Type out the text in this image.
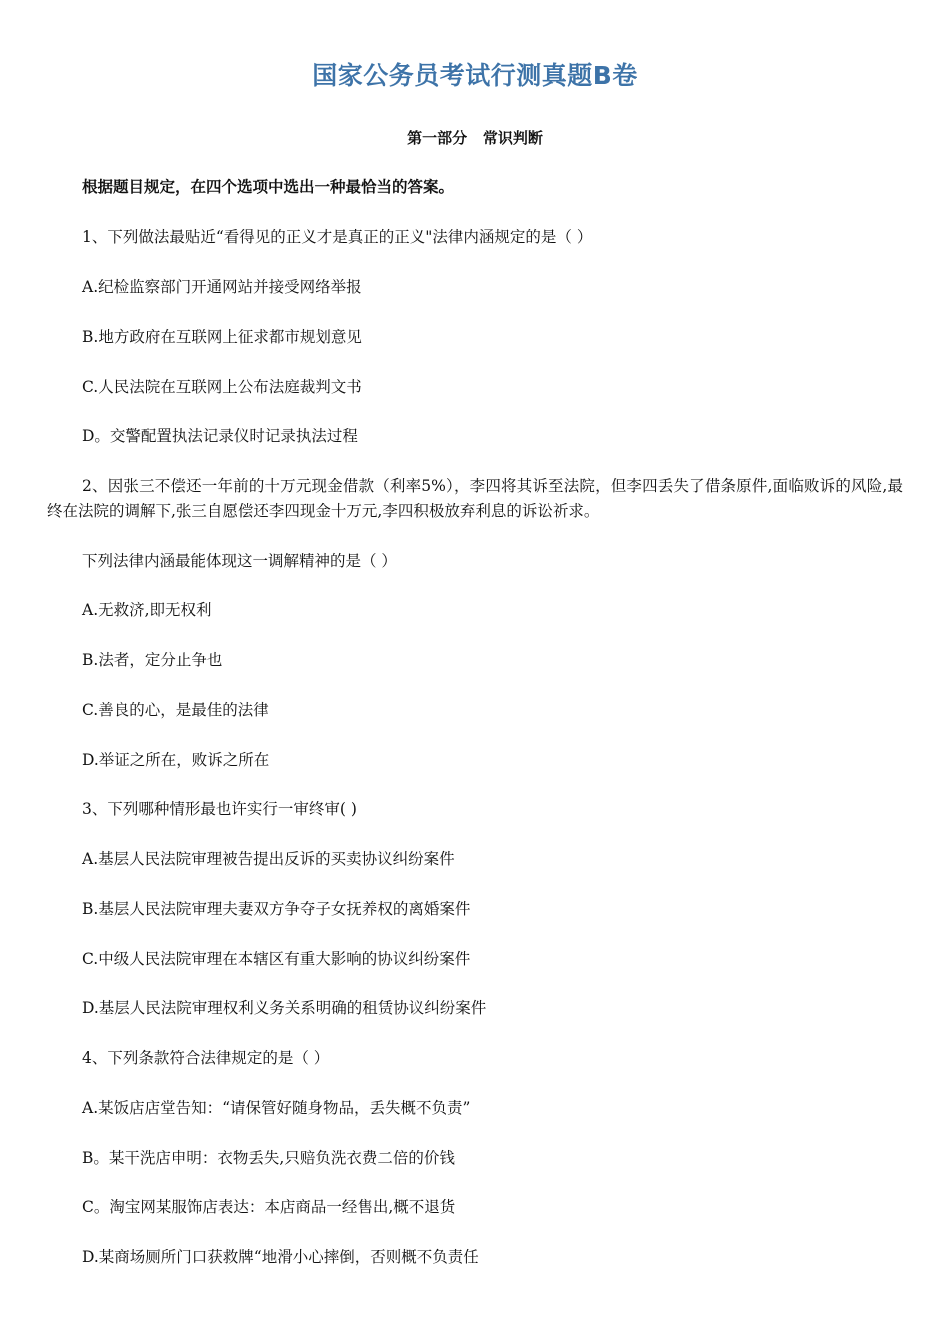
国家公务员考试行测真题B卷
第一部分   常识判断
根据题目规定，在四个选项中选出一种最恰当的答案。
1、下列做法最贴近“看得见的正义才是真正的正义"法律内涵规定的是（ ）
A.纪检监察部门开通网站并接受网络举报
B.地方政府在互联网上征求都市规划意见
C.人民法院在互联网上公布法庭裁判文书
D。交警配置执法记录仪时记录执法过程
2、因张三不偿还一年前的十万元现金借款（利率5%），李四将其诉至法院，但李四丢失了借条原件,面临败诉的风险,最终在法院的调解下,张三自愿偿还李四现金十万元,李四积极放弃利息的诉讼祈求。
下列法律内涵最能体现这一调解精神的是（ ）
A.无救济,即无权利
B.法者，定分止争也
C.善良的心，是最佳的法律
D.举证之所在，败诉之所在
3、下列哪种情形最也许实行一审终审( )
A.基层人民法院审理被告提出反诉的买卖协议纠纷案件
B.基层人民法院审理夫妻双方争夺子女抚养权的离婚案件
C.中级人民法院审理在本辖区有重大影响的协议纠纷案件
D.基层人民法院审理权利义务关系明确的租赁协议纠纷案件
4、下列条款符合法律规定的是（ ）
A.某饭店店堂告知：“请保管好随身物品，丢失概不负责”
B。某干洗店申明：衣物丢失,只赔负洗衣费二倍的价钱
C。淘宝网某服饰店表达：本店商品一经售出,概不退货
D.某商场厕所门口获救牌“地滑小心摔倒，否则概不负责任
